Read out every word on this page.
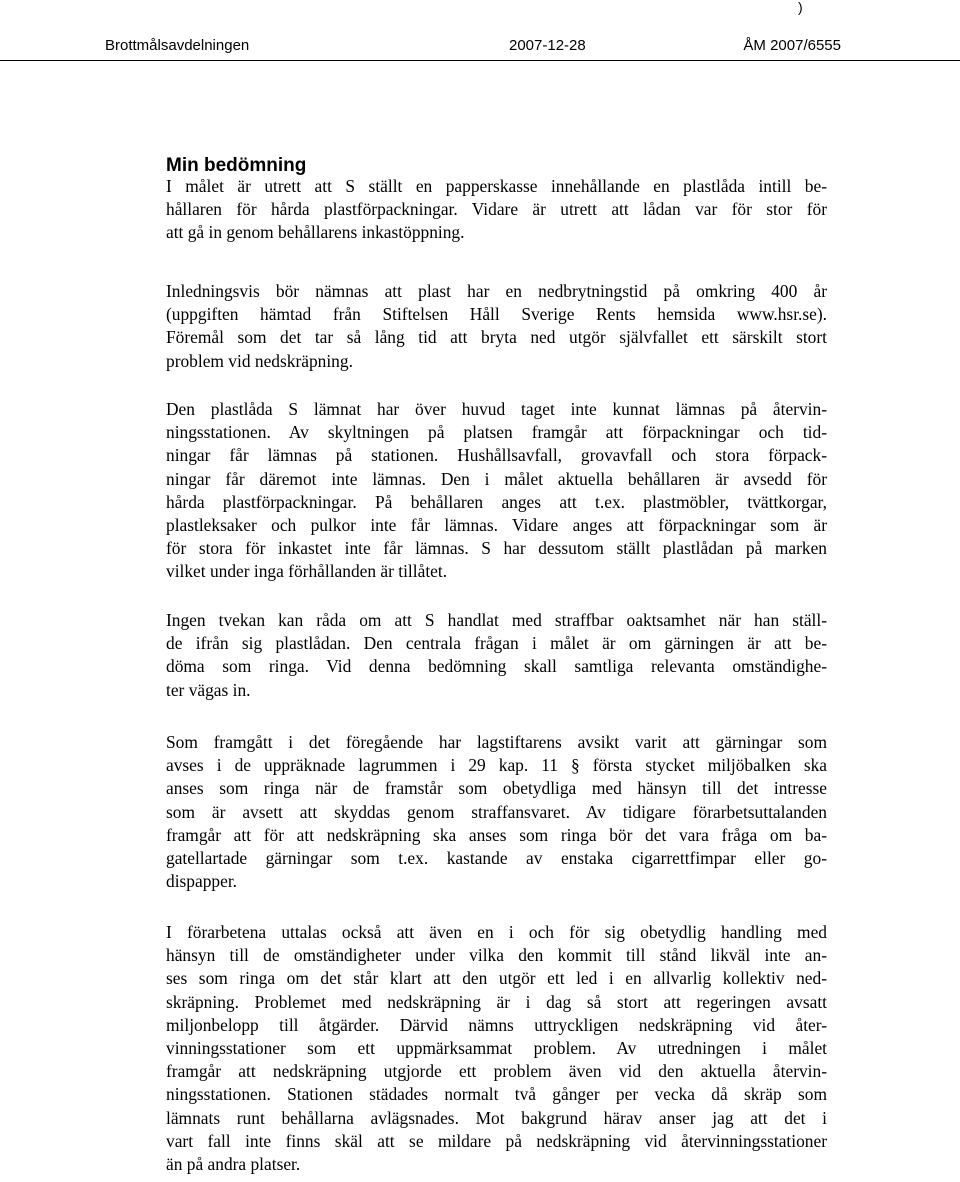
)
Brottmålsavdelningen	2007-12-28	ÅM 2007/6555
Min bedömning
I målet är utrett att S ställt en papperskasse innehållande en plastlåda intill be-
hållaren för hårda plastförpackningar. Vidare är utrett att lådan var för stor för
att gå in genom behållarens inkastöppning.
Inledningsvis bör nämnas att plast har en nedbrytningstid på omkring 400 år
(uppgiften hämtad från Stiftelsen Håll Sverige Rents hemsida www.hsr.se).
Föremål som det tar så lång tid att bryta ned utgör självfallet ett särskilt stort
problem vid nedskräpning.
Den plastlåda S lämnat har över huvud taget inte kunnat lämnas på återvin-
ningsstationen. Av skyltningen på platsen framgår att förpackningar och tid-
ningar får lämnas på stationen. Hushållsavfall, grovavfall och stora förpack-
ningar får däremot inte lämnas. Den i målet aktuella behållaren är avsedd för
hårda plastförpackningar. På behållaren anges att t.ex. plastmöbler, tvättkorgar,
plastleksaker och pulkor inte får lämnas. Vidare anges att förpackningar som är
för stora för inkastet inte får lämnas. S har dessutom ställt plastlådan på marken
vilket under inga förhållanden är tillåtet.
Ingen tvekan kan råda om att S handlat med straffbar oaktsamhet när han ställ-
de ifrån sig plastlådan. Den centrala frågan i målet är om gärningen är att be-
döma som ringa. Vid denna bedömning skall samtliga relevanta omständighe-
ter vägas in.
Som framgått i det föregående har lagstiftarens avsikt varit att gärningar som
avses i de uppräknade lagrummen i 29 kap. 11 § första stycket miljöbalken ska
anses som ringa när de framstår som obetydliga med hänsyn till det intresse
som är avsett att skyddas genom straffansvaret. Av tidigare förarbetsuttalanden
framgår att för att nedskräpning ska anses som ringa bör det vara fråga om ba-
gatellartade gärningar som t.ex. kastande av enstaka cigarrettfimpar eller go-
dispapper.
I förarbetena uttalas också att även en i och för sig obetydlig handling med
hänsyn till de omständigheter under vilka den kommit till stånd likväl inte an-
ses som ringa om det står klart att den utgör ett led i en allvarlig kollektiv ned-
skräpning. Problemet med nedskräpning är i dag så stort att regeringen avsatt
miljonbelopp till åtgärder. Därvid nämns uttryckligen nedskräpning vid åter-
vinningsstationer som ett uppmärksammat problem. Av utredningen i målet
framgår att nedskräpning utgjorde ett problem även vid den aktuella återvin-
ningsstationen. Stationen städades normalt två gånger per vecka då skräp som
lämnats runt behållarna avlägsnades. Mot bakgrund härav anser jag att det i
vart fall inte finns skäl att se mildare på nedskräpning vid återvinningsstationer
än på andra platser.
